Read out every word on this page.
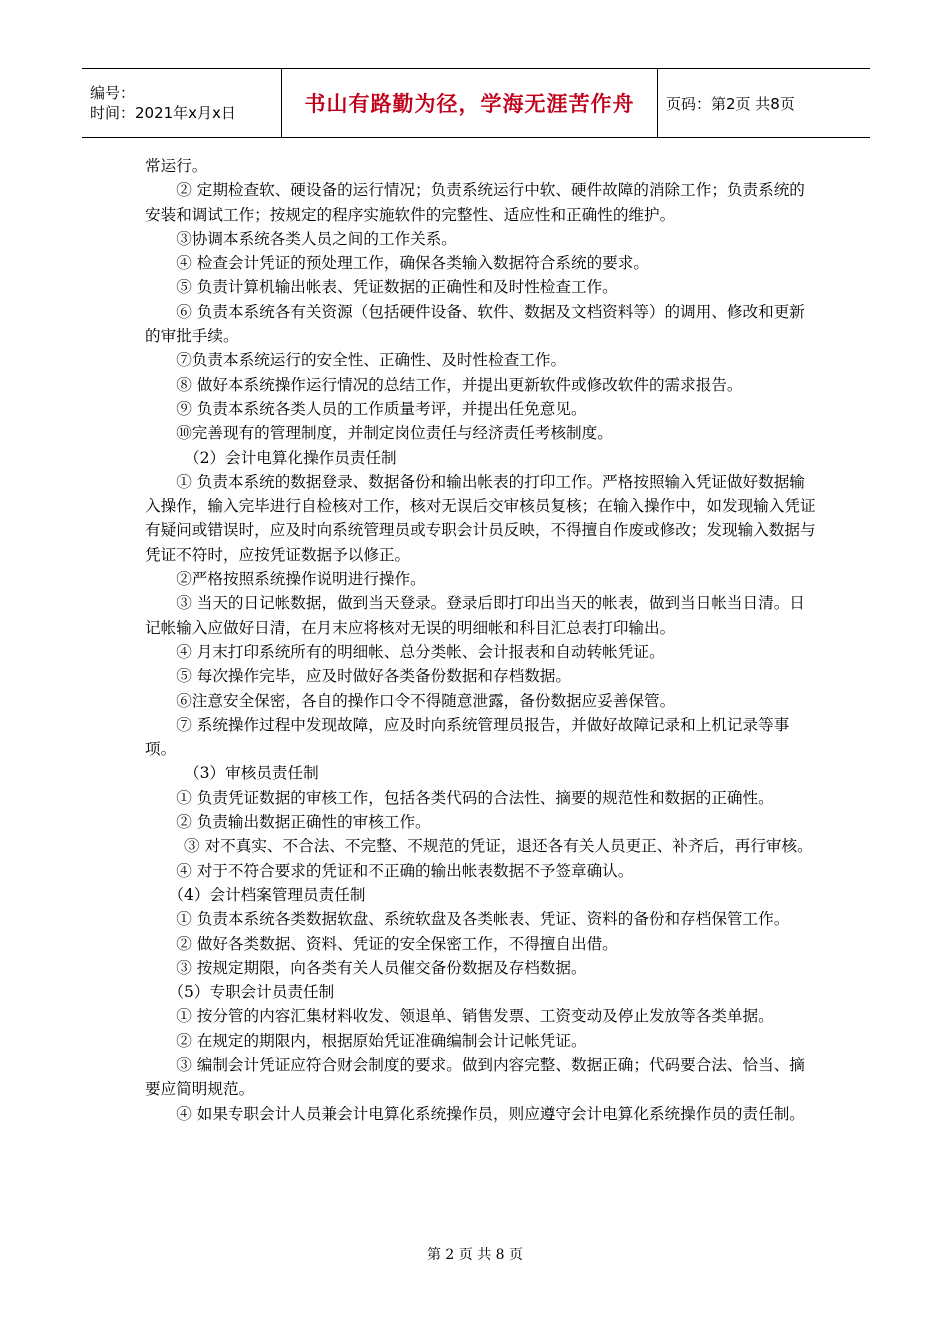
编号：
时间：2021年x月x日	书山有路勤为径，学海无涯苦作舟 页码：第2页 共8页

常运行。

② 定期检查软、硬设备的运行情况；负责系统运行中软、硬件故障的消除工作；负责系统的安装和调试工作；按规定的程序实施软件的完整性、适应性和正确性的维护。

③协调本系统各类人员之间的工作关系。

④ 检查会计凭证的预处理工作，确保各类输入数据符合系统的要求。

⑤ 负责计算机输出帐表、凭证数据的正确性和及时性检查工作。

⑥ 负责本系统各有关资源（包括硬件设备、软件、数据及文档资料等）的调用、修改和更新的审批手续。

⑦负责本系统运行的安全性、正确性、及时性检查工作。

⑧ 做好本系统操作运行情况的总结工作，并提出更新软件或修改软件的需求报告。

⑨ 负责本系统各类人员的工作质量考评，并提出任免意见。

⑩完善现有的管理制度，并制定岗位责任与经济责任考核制度。

（2）会计电算化操作员责任制

① 负责本系统的数据登录、数据备份和输出帐表的打印工作。严格按照输入凭证做好数据输入操作，输入完毕进行自检核对工作，核对无误后交审核员复核；在输入操作中，如发现输入凭证有疑问或错误时，应及时向系统管理员或专职会计员反映，不得擅自作废或修改；发现输入数据与凭证不符时，应按凭证数据予以修正。

②严格按照系统操作说明进行操作。

③ 当天的日记帐数据，做到当天登录。登录后即打印出当天的帐表，做到当日帐当日清。日记帐输入应做好日清，在月末应将核对无误的明细帐和科目汇总表打印输出。

④ 月末打印系统所有的明细帐、总分类帐、会计报表和自动转帐凭证。

⑤ 每次操作完毕，应及时做好各类备份数据和存档数据。

⑥注意安全保密，各自的操作口令不得随意泄露，备份数据应妥善保管。

⑦ 系统操作过程中发现故障，应及时向系统管理员报告，并做好故障记录和上机记录等事项。

（3）审核员责任制

① 负责凭证数据的审核工作，包括各类代码的合法性、摘要的规范性和数据的正确性。

② 负责输出数据正确性的审核工作。

③ 对不真实、不合法、不完整、不规范的凭证，退还各有关人员更正、补齐后，再行审核。

④ 对于不符合要求的凭证和不正确的输出帐表数据不予签章确认。

（4）会计档案管理员责任制

① 负责本系统各类数据软盘、系统软盘及各类帐表、凭证、资料的备份和存档保管工作。

② 做好各类数据、资料、凭证的安全保密工作，不得擅自出借。

③ 按规定期限，向各类有关人员催交备份数据及存档数据。

（5）专职会计员责任制

① 按分管的内容汇集材料收发、领退单、销售发票、工资变动及停止发放等各类单据。

② 在规定的期限内，根据原始凭证准确编制会计记帐凭证。

③ 编制会计凭证应符合财会制度的要求。做到内容完整、数据正确；代码要合法、恰当、摘要应简明规范。

④ 如果专职会计人员兼会计电算化系统操作员，则应遵守会计电算化系统操作员的责任制。

第 2 页 共 8 页
